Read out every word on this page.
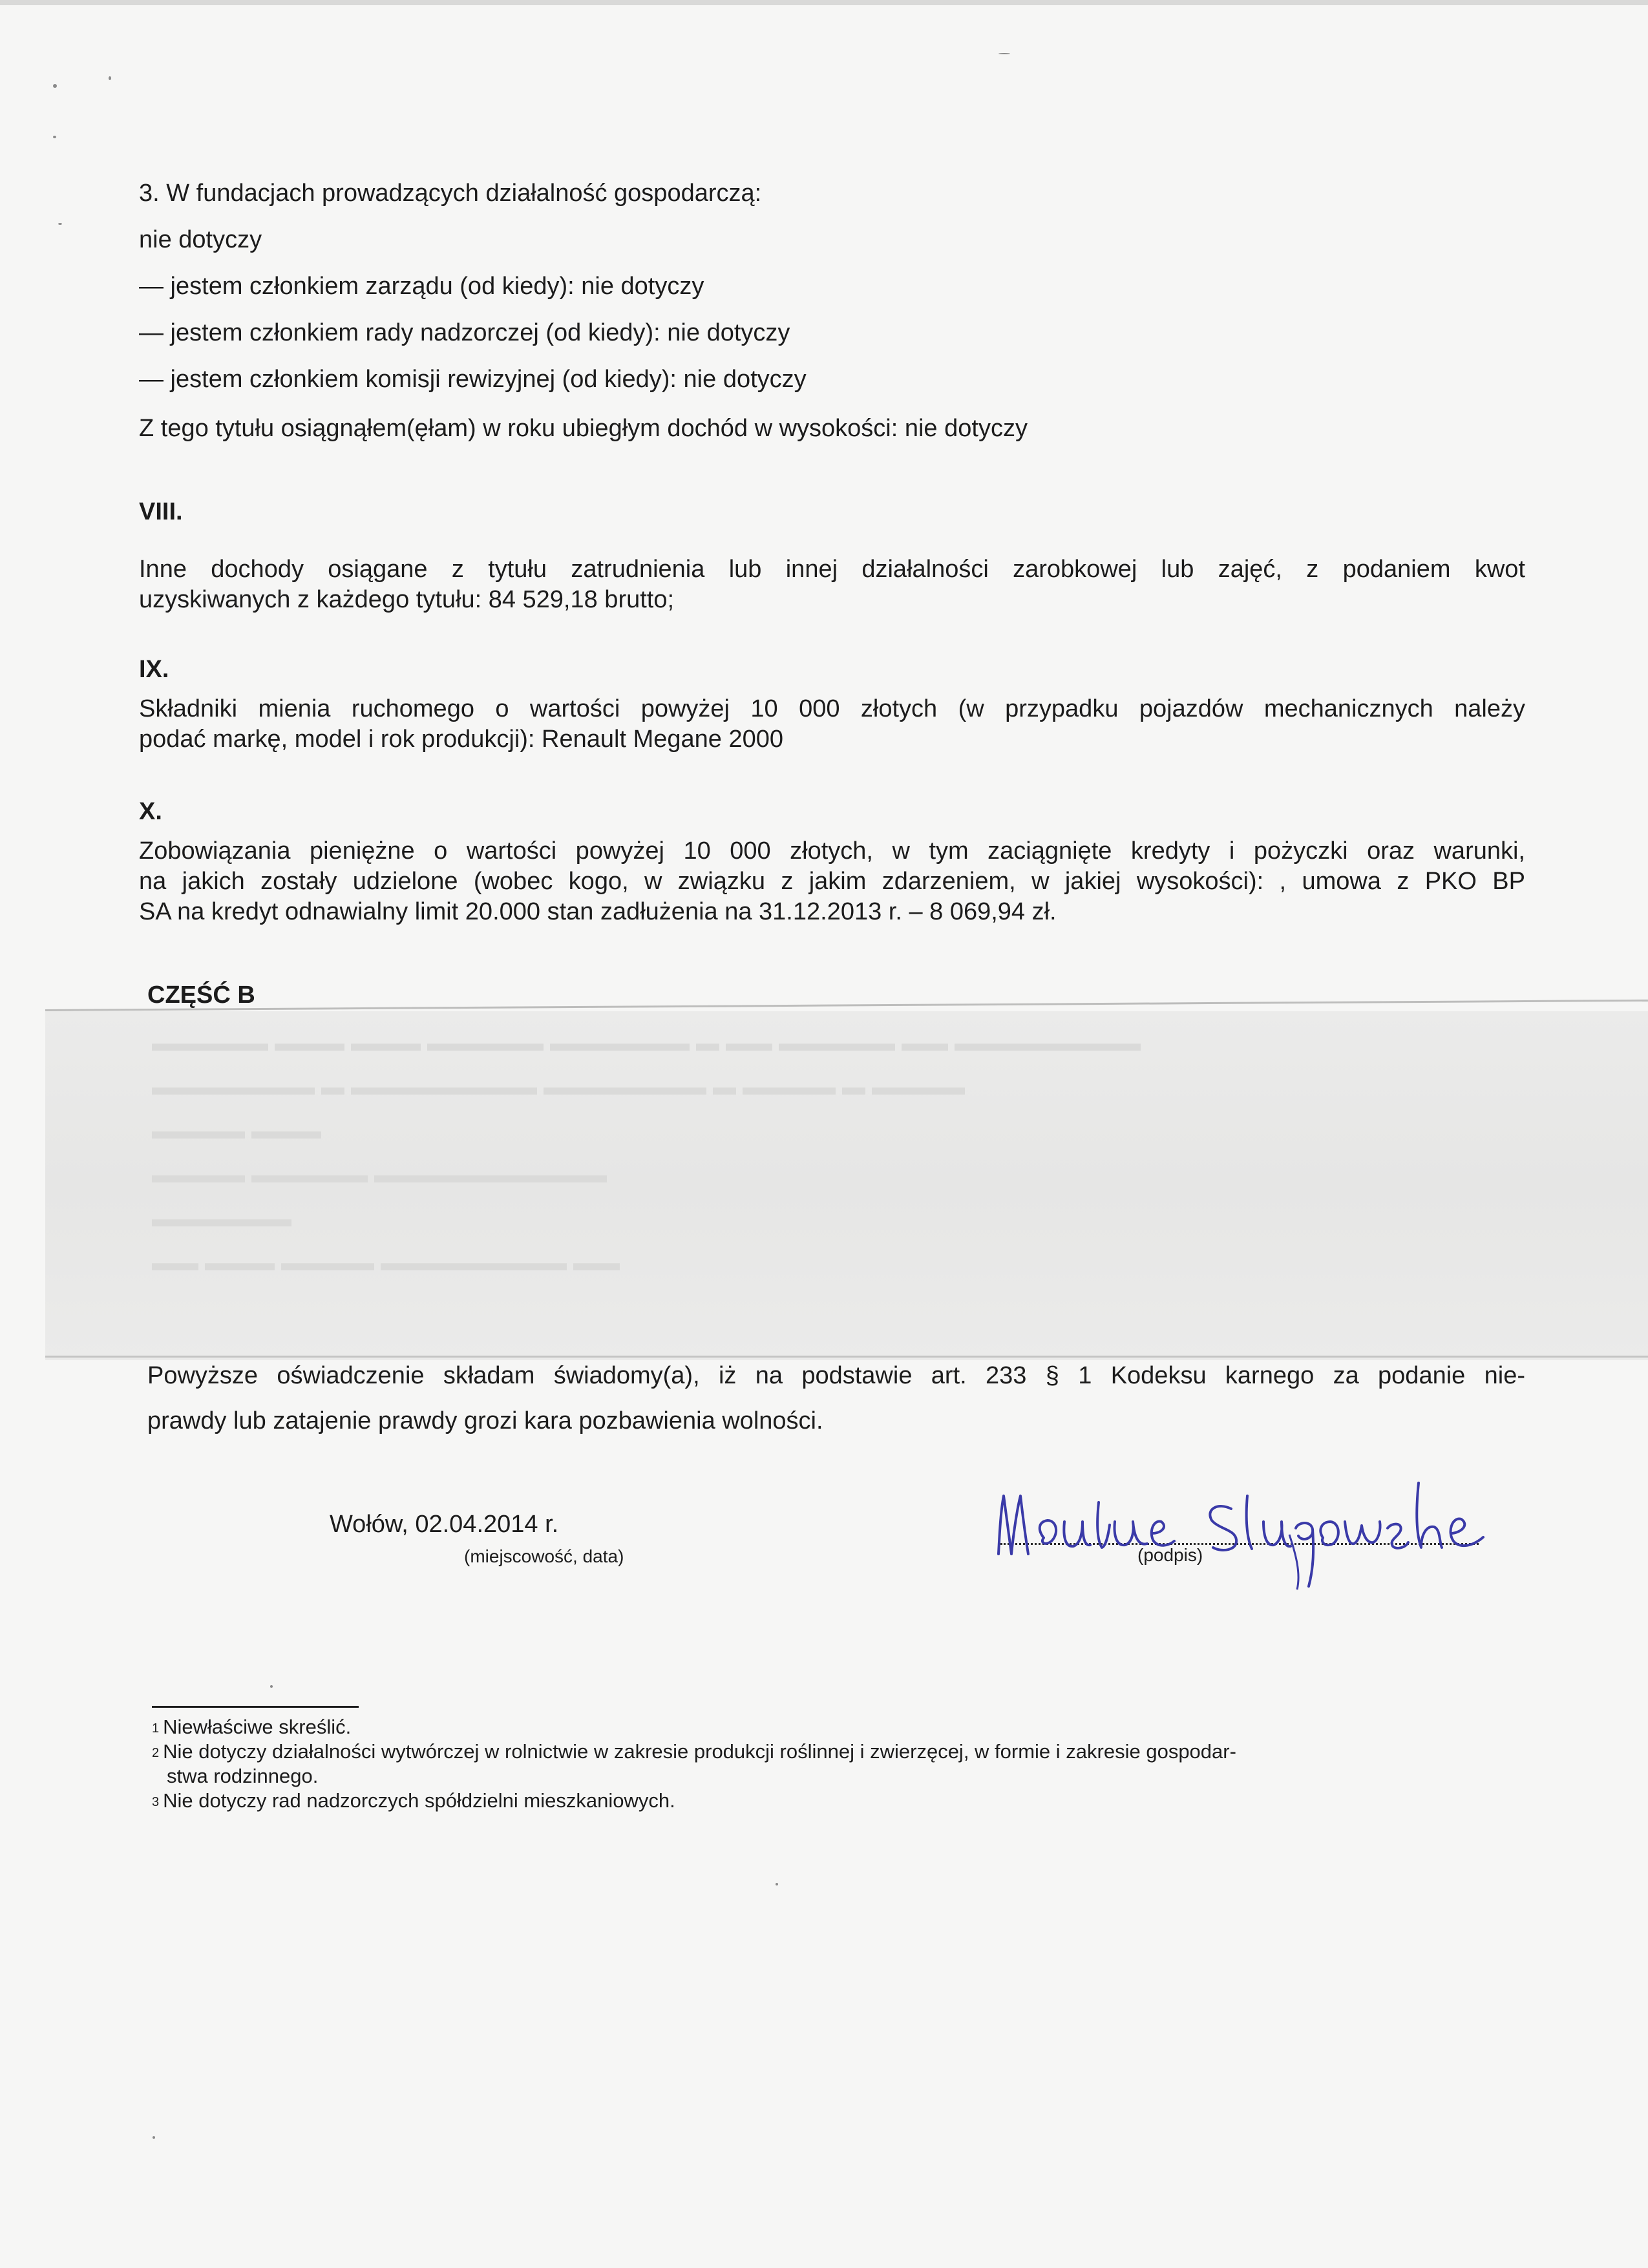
3. W fundacjach prowadzących działalność gospodarczą:
nie dotyczy
— jestem członkiem zarządu (od kiedy): nie dotyczy
— jestem członkiem rady nadzorczej (od kiedy): nie dotyczy
— jestem członkiem komisji rewizyjnej (od kiedy): nie dotyczy
Z tego tytułu osiągnąłem(ęłam) w roku ubiegłym dochód w wysokości: nie dotyczy
VIII.
Inne dochody osiągane z tytułu zatrudnienia lub innej działalności zarobkowej lub zajęć, z podaniem kwot
uzyskiwanych z każdego tytułu: 84 529,18 brutto;
IX.
Składniki mienia ruchomego o wartości powyżej 10 000 złotych (w przypadku pojazdów mechanicznych należy
podać markę, model i rok produkcji): Renault Megane 2000
X.
Zobowiązania pieniężne o wartości powyżej 10 000 złotych, w tym zaciągnięte kredyty i pożyczki oraz warunki,
na jakich zostały udzielone (wobec kogo, w związku z jakim zdarzeniem, w jakiej wysokości): , umowa z PKO BP
SA na kredyt odnawialny limit 20.000 stan zadłużenia na 31.12.2013 r. – 8 069,94 zł.
CZĘŚĆ B
▬▬▬▬▬ ▬▬▬ ▬▬▬ ▬▬▬▬▬ ▬▬▬▬▬▬ ▬ ▬▬ ▬▬▬▬▬ ▬▬ ▬▬▬▬▬▬▬▬
▬▬▬▬▬▬▬ ▬ ▬▬▬▬▬▬▬▬ ▬▬▬▬▬▬▬ ▬ ▬▬▬▬ ▬ ▬▬▬▬
▬▬▬▬ ▬▬▬
▬▬▬▬ ▬▬▬▬▬ ▬▬▬▬▬▬▬▬▬▬
▬▬▬▬▬▬
▬▬ ▬▬▬ ▬▬▬▬ ▬▬▬▬▬▬▬▬ ▬▬
Powyższe oświadczenie składam świadomy(a), iż na podstawie art. 233 § 1 Kodeksu karnego za podanie nie-
prawdy lub zatajenie prawdy grozi kara pozbawienia wolności.
Wołów, 02.04.2014 r.
(miejscowość, data)	(podpis)
$^1$ Niewłaściwe skreślić.
$^2$ Nie dotyczy działalności wytwórczej w rolnictwie w zakresie produkcji roślinnej i zwierzęcej, w formie i zakresie gospodar-
stwa rodzinnego.
$^3$ Nie dotyczy rad nadzorczych spółdzielni mieszkaniowych.
